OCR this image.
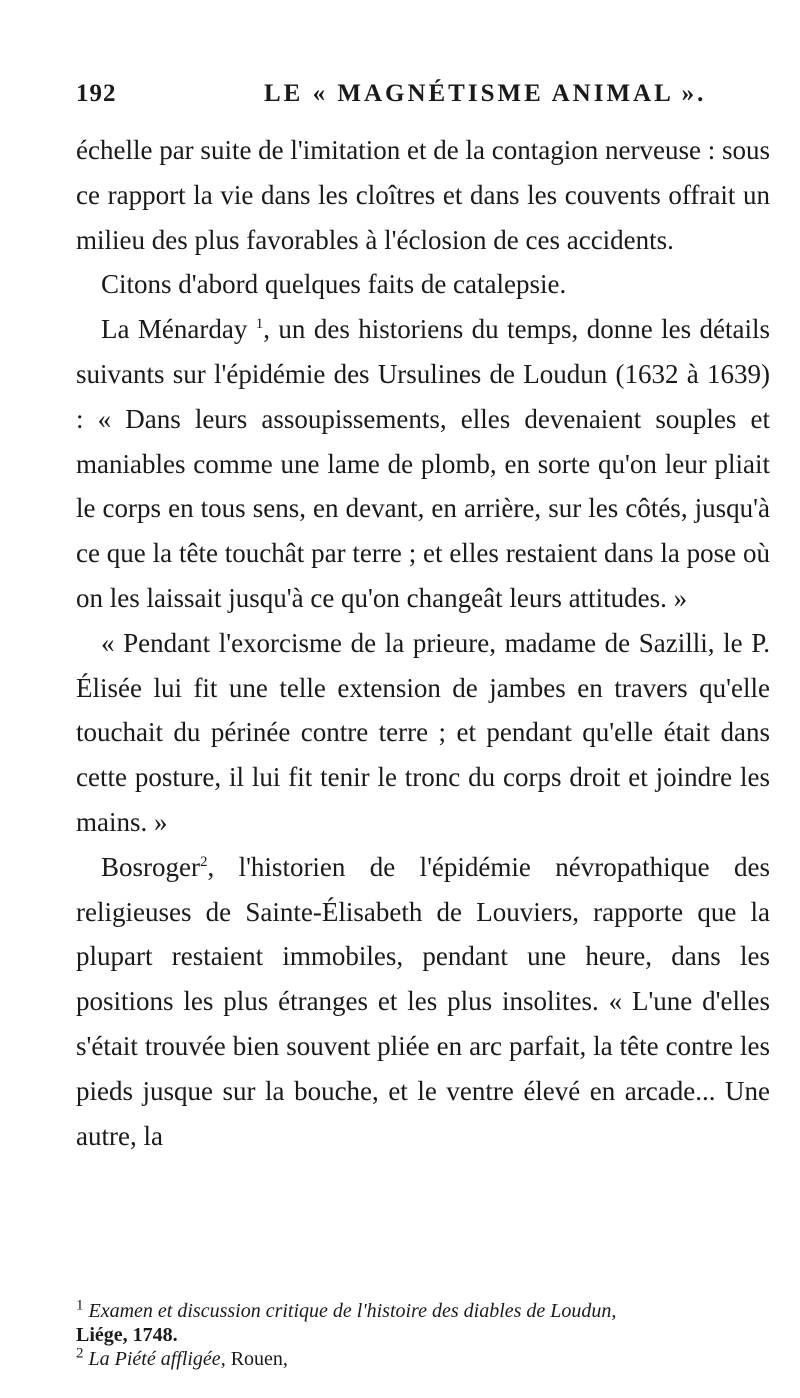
192	LE « MAGNÉTISME ANIMAL ».

échelle par suite de l'imitation et de la contagion nerveuse : sous ce rapport la vie dans les cloîtres et dans les couvents offrait un milieu des plus favorables à l'éclosion de ces accidents.

Citons d'abord quelques faits de catalepsie.

La Ménarday $^1$, un des historiens du temps, donne les détails suivants sur l'épidémie des Ursulines de Loudun (1632 à 1639) : « Dans leurs assoupissements, elles devenaient souples et maniables comme une lame de plomb, en sorte qu'on leur pliait le corps en tous sens, en devant, en arrière, sur les côtés, jusqu'à ce que la tête touchât par terre ; et elles restaient dans la pose où on les laissait jusqu'à ce qu'on changeât leurs attitudes. »

« Pendant l'exorcisme de la prieure, madame de Sazilli, le P. Élisée lui fit une telle extension de jambes en travers qu'elle touchait du périnée contre terre ; et pendant qu'elle était dans cette posture, il lui fit tenir le tronc du corps droit et joindre les mains. »

Bosroger$^2$, l'historien de l'épidémie névropathique des religieuses de Sainte-Élisabeth de Louviers, rapporte que la plupart restaient immobiles, pendant une heure, dans les positions les plus étranges et les plus insolites. « L'une d'elles s'était trouvée bien souvent pliée en arc parfait, la tête contre les pieds jusque sur la bouche, et le ventre élevé en arcade... Une autre, la

$^1$ Examen et discussion critique de l'histoire des diables de Loudun,

Liége, 1748.

$^2$ La Piété affligée, Rouen,
